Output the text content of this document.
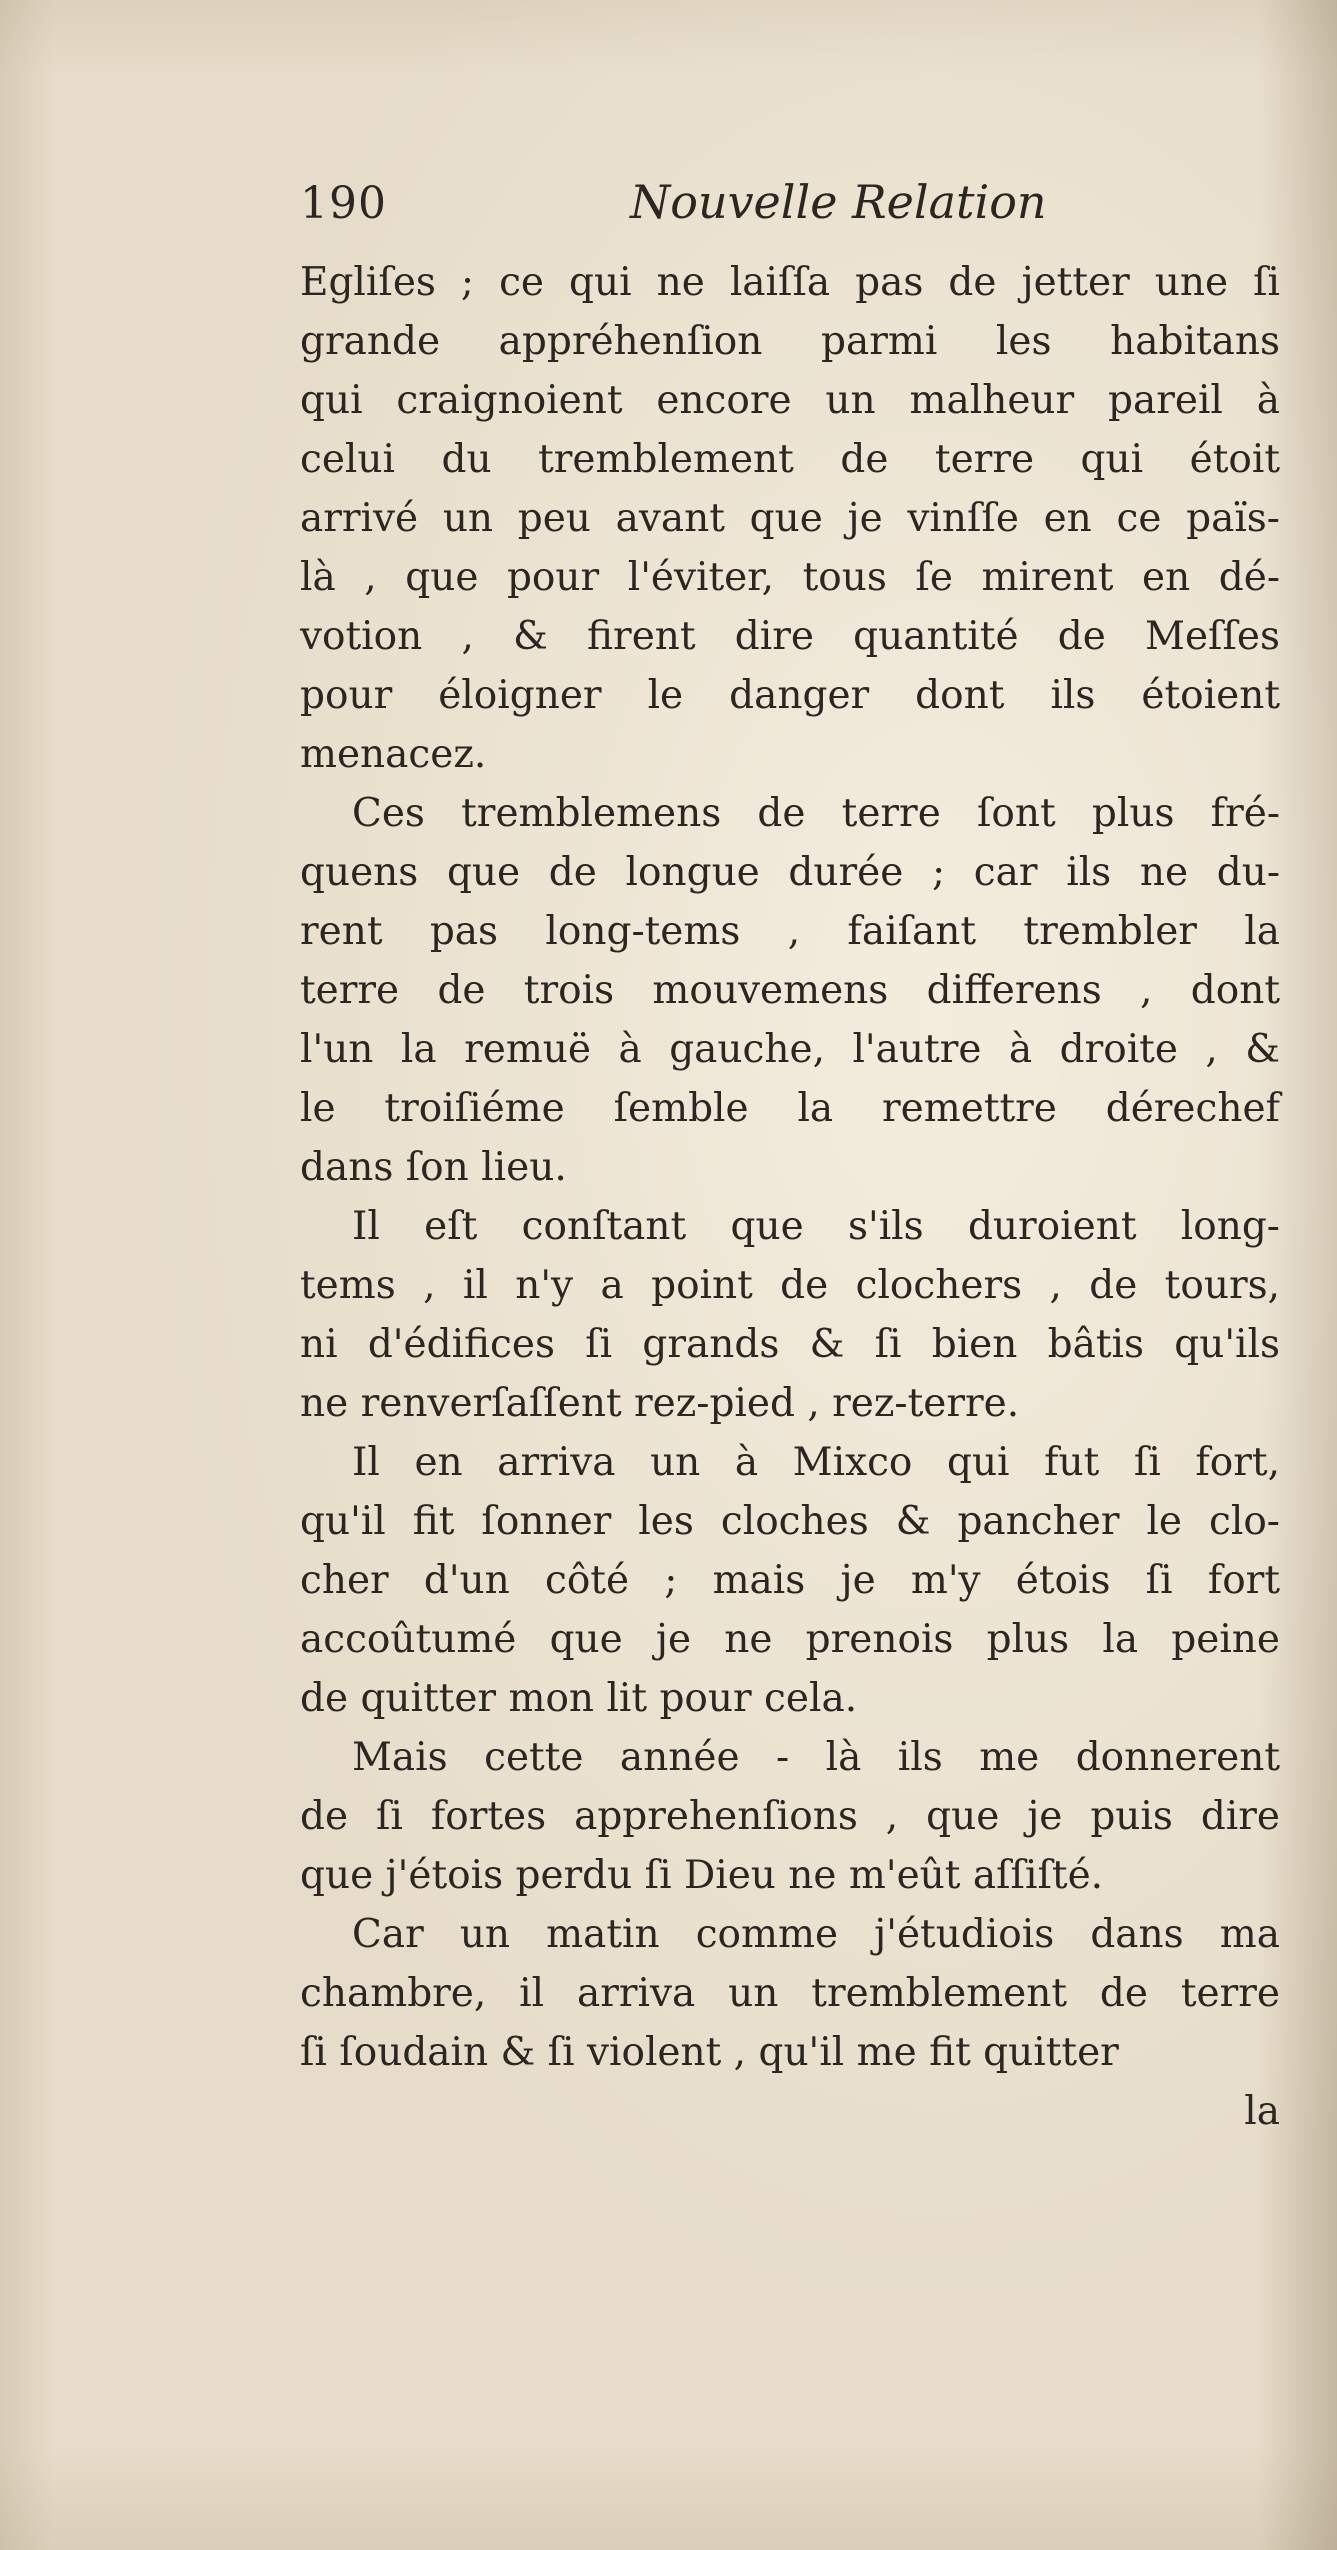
190	Nouvelle Relation
Egliſes ; ce qui ne laiſſa pas de jetter une ſi
grande appréhenſion parmi les habitans
qui craignoient encore un malheur pareil à
celui du tremblement de terre qui étoit
arrivé un peu avant que je vinſſe en ce païs-
là , que pour l'éviter, tous ſe mirent en dé-
votion , & firent dire quantité de Meſſes
pour éloigner le danger dont ils étoient
menacez.
Ces tremblemens de terre ſont plus fré-
quens que de longue durée ; car ils ne du-
rent pas long-tems , faiſant trembler la
terre de trois mouvemens differens , dont
l'un la remuë à gauche, l'autre à droite , &
le troiſiéme ſemble la remettre dérechef
dans ſon lieu.
Il eſt conſtant que s'ils duroient long-
tems , il n'y a point de clochers , de tours,
ni d'édifices ſi grands & ſi bien bâtis qu'ils
ne renverſaſſent rez-pied , rez-terre.
Il en arriva un à Mixco qui fut ſi fort,
qu'il fit ſonner les cloches & pancher le clo-
cher d'un côté ; mais je m'y étois ſi fort
accoûtumé que je ne prenois plus la peine
de quitter mon lit pour cela.
Mais cette année - là ils me donnerent
de ſi fortes apprehenſions , que je puis dire
que j'étois perdu ſi Dieu ne m'eût aſſiſté.
Car un matin comme j'étudiois dans ma
chambre, il arriva un tremblement de terre
ſi ſoudain & ſi violent , qu'il me fit quitter
la
